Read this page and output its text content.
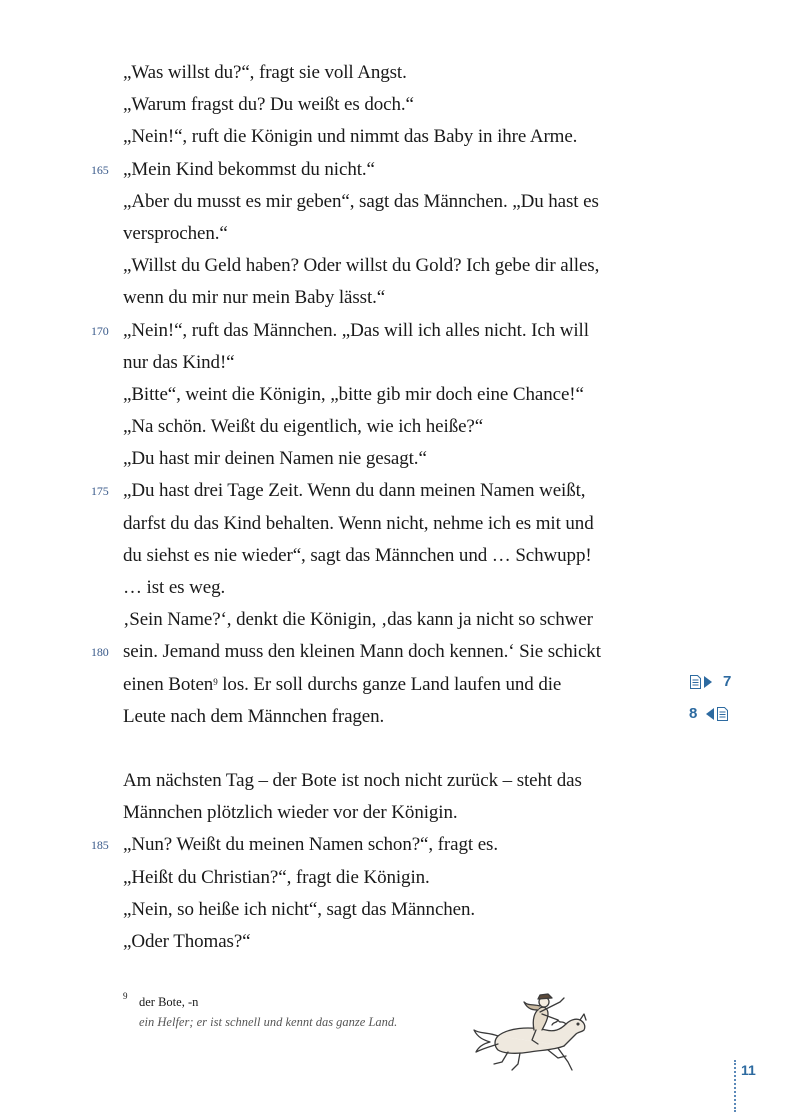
„Was willst du?“, fragt sie voll Angst.
„Warum fragst du? Du weißt es doch.“
„Nein!“, ruft die Königin und nimmt das Baby in ihre Arme.
165 „Mein Kind bekommst du nicht.“
„Aber du musst es mir geben“, sagt das Männchen. „Du hast es
versprochen.“
„Willst du Geld haben? Oder willst du Gold? Ich gebe dir alles,
wenn du mir nur mein Baby lässt.“
170 „Nein!“, ruft das Männchen. „Das will ich alles nicht. Ich will
nur das Kind!“
„Bitte“, weint die Königin, „bitte gib mir doch eine Chance!“
„Na schön. Weißt du eigentlich, wie ich heiße?“
„Du hast mir deinen Namen nie gesagt.“
175 „Du hast drei Tage Zeit. Wenn du dann meinen Namen weißt,
darfst du das Kind behalten. Wenn nicht, nehme ich es mit und
du siehst es nie wieder“, sagt das Männchen und … Schwupp!
… ist es weg.
‚Sein Name?‘, denkt die Königin, ‚das kann ja nicht so schwer
180 sein. Jemand muss den kleinen Mann doch kennen.‘ Sie schickt
einen Boten$^9$ los. Er soll durchs ganze Land laufen und die
Leute nach dem Männchen fragen.
Am nächsten Tag – der Bote ist noch nicht zurück – steht das
Männchen plötzlich wieder vor der Königin.
185 „Nun? Weißt du meinen Namen schon?“, fragt es.
„Heißt du Christian?“, fragt die Königin.
„Nein, so heiße ich nicht“, sagt das Männchen.
„Oder Thomas?“
7
8
9 der Bote, -n
ein Helfer; er ist schnell und kennt das ganze Land.
11
